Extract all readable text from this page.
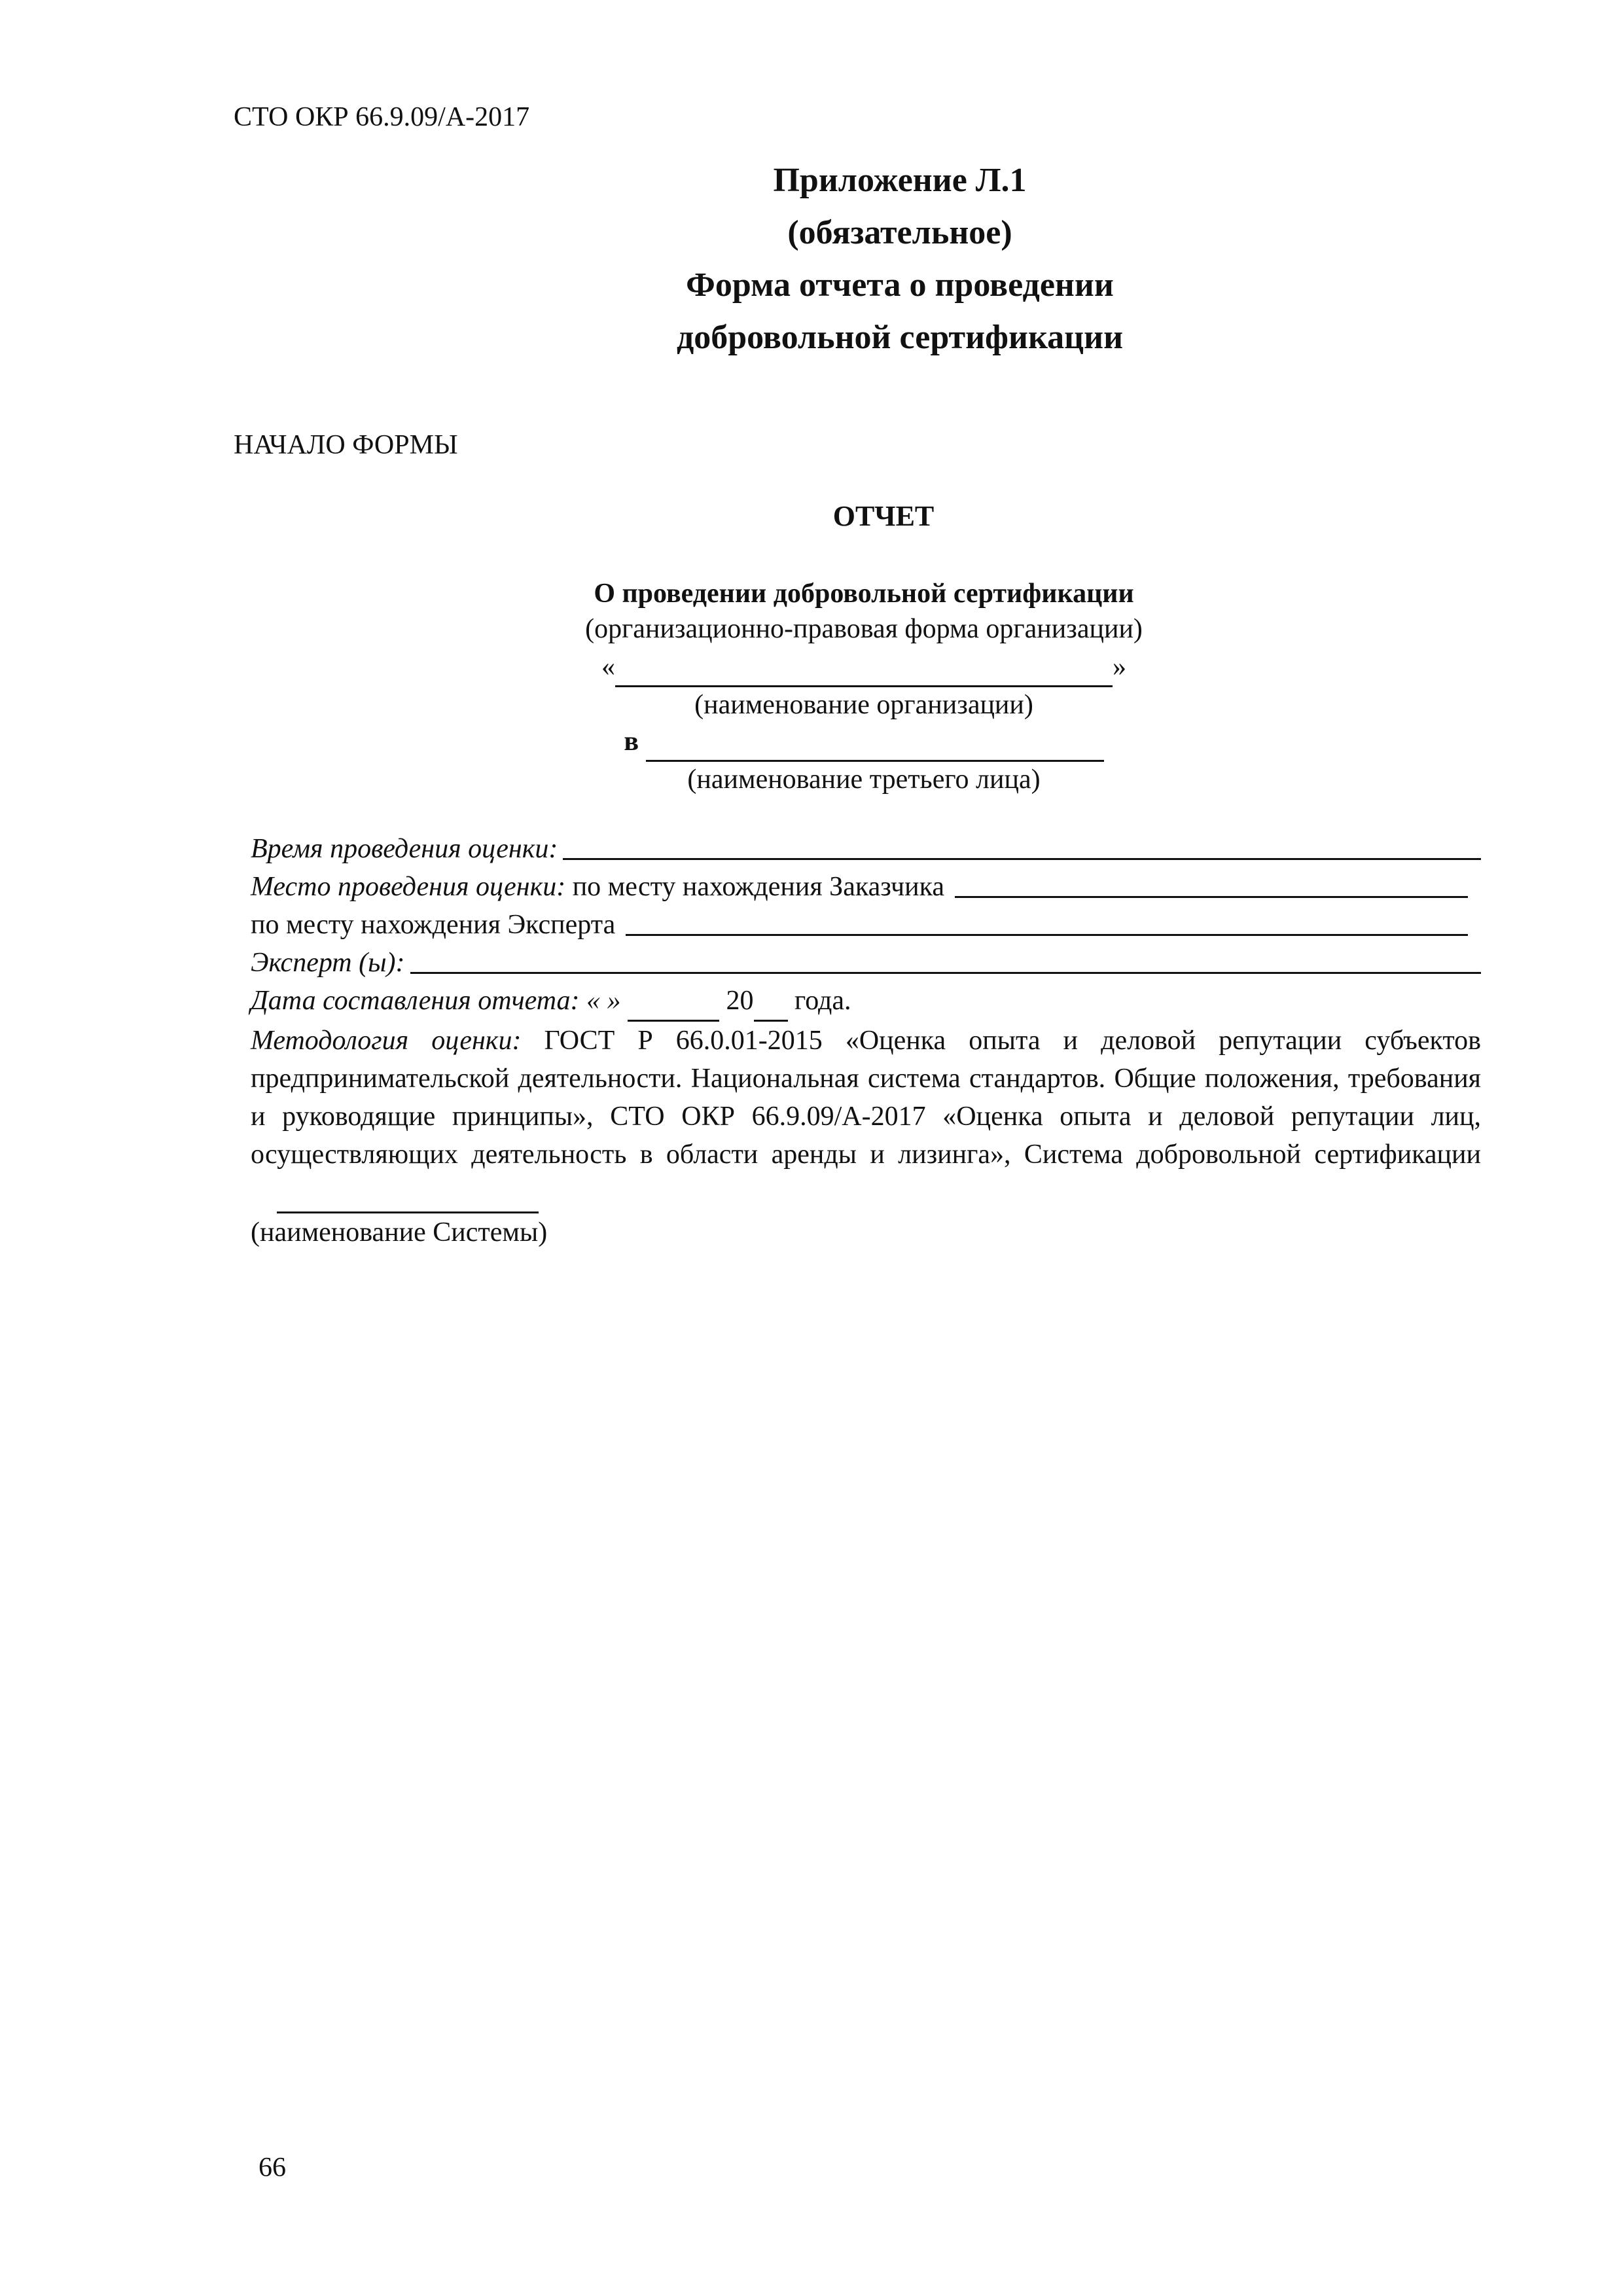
СТО ОКР 66.9.09/А-2017
Приложение Л.1
(обязательное)
Форма отчета о проведении
добровольной сертификации
НАЧАЛО ФОРМЫ
ОТЧЕТ
О проведении добровольной сертификации
(организационно-правовая форма организации)
«	»
(наименование организации)
в
(наименование третьего лица)
Время проведения оценки:
Место проведения оценки:
по месту нахождения Заказчика
по месту нахождения Эксперта
Эксперт (ы):
Дата составления отчета: « »

	20

года.
Методология оценки: ГОСТ Р 66.0.01-2015 «Оценка опыта и деловой репутации субъектов предпринимательской деятельности. Национальная система стандартов. Общие положения, требования и руководящие принципы», СТО ОКР 66.9.09/А-2017 «Оценка опыта и деловой репутации лиц, осуществляющих деятельность в области аренды и лизинга», Система добровольной сертификации
(наименование Системы)
66
